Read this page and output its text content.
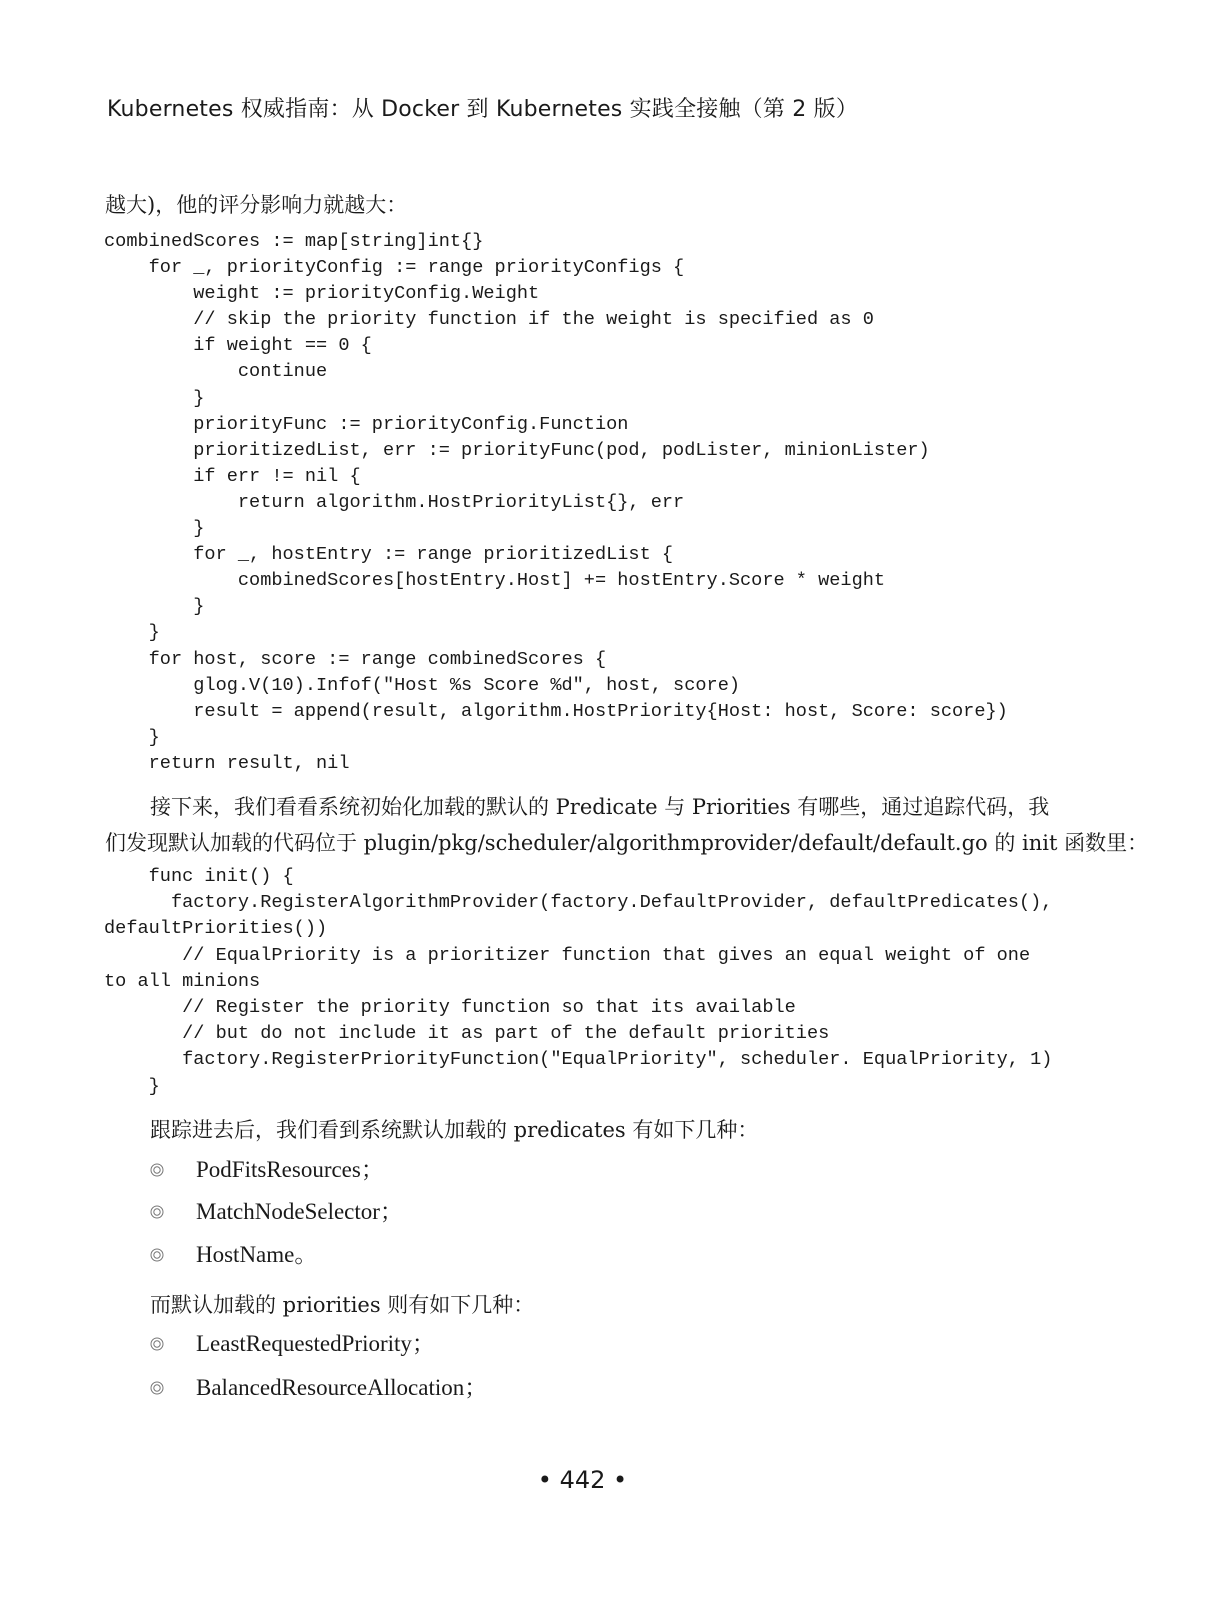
Kubernetes 权威指南：从 Docker 到 Kubernetes 实践全接触（第 2 版）
越大)，他的评分影响力就越大：
combinedScores := map[string]int{}
for _, priorityConfig := range priorityConfigs {
weight := priorityConfig.Weight
// skip the priority function if the weight is specified as 0
if weight == 0 {
continue
}
priorityFunc := priorityConfig.Function
prioritizedList, err := priorityFunc(pod, podLister, minionLister)
if err != nil {
return algorithm.HostPriorityList{}, err
}
for _, hostEntry := range prioritizedList {
combinedScores[hostEntry.Host] += hostEntry.Score * weight
}
}
for host, score := range combinedScores {
glog.V(10).Infof("Host %s Score %d", host, score)
result = append(result, algorithm.HostPriority{Host: host, Score: score})
}
return result, nil
接下来，我们看看系统初始化加载的默认的 Predicate 与 Priorities 有哪些，通过追踪代码，我
们发现默认加载的代码位于 plugin/pkg/scheduler/algorithmprovider/default/default.go 的 init 函数里：
func init() {
factory.RegisterAlgorithmProvider(factory.DefaultProvider, defaultPredicates(),
defaultPriorities())
// EqualPriority is a prioritizer function that gives an equal weight of one
to all minions
// Register the priority function so that its available
// but do not include it as part of the default priorities
factory.RegisterPriorityFunction("EqualPriority", scheduler. EqualPriority, 1)
}
跟踪进去后，我们看到系统默认加载的 predicates 有如下几种：
PodFitsResources；
MatchNodeSelector；
HostName。
而默认加载的 priorities 则有如下几种：
LeastRequestedPriority；
BalancedResourceAllocation；
• 442 •
